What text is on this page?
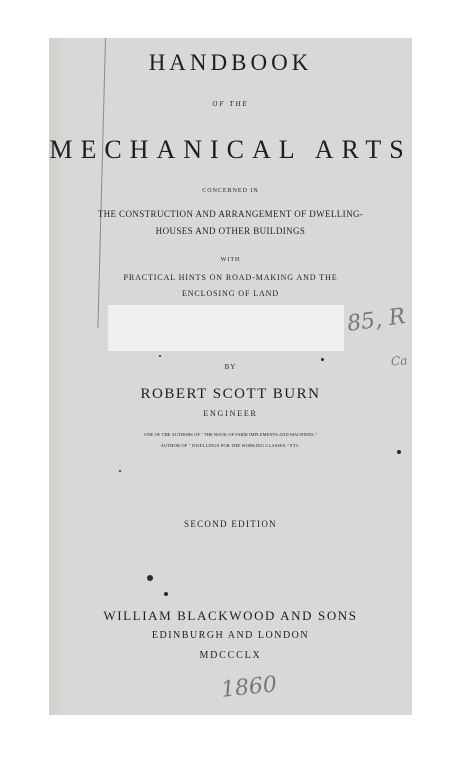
HANDBOOK
OF THE
MECHANICAL ARTS
CONCERNED IN
THE CONSTRUCTION AND ARRANGEMENT OF DWELLING-
HOUSES AND OTHER BUILDINGS
WITH
PRACTICAL HINTS ON ROAD-MAKING AND THE
ENCLOSING OF LAND
85, R
Ca
BY
ROBERT SCOTT BURN
ENGINEER
ONE OF THE AUTHORS OF " THE BOOK OF FARM IMPLEMENTS AND MACHINES,"
AUTHOR OF " DWELLINGS FOR THE WORKING CLASSES," ETC.
SECOND EDITION
WILLIAM BLACKWOOD AND SONS
EDINBURGH AND LONDON
MDCCCLX
1860
